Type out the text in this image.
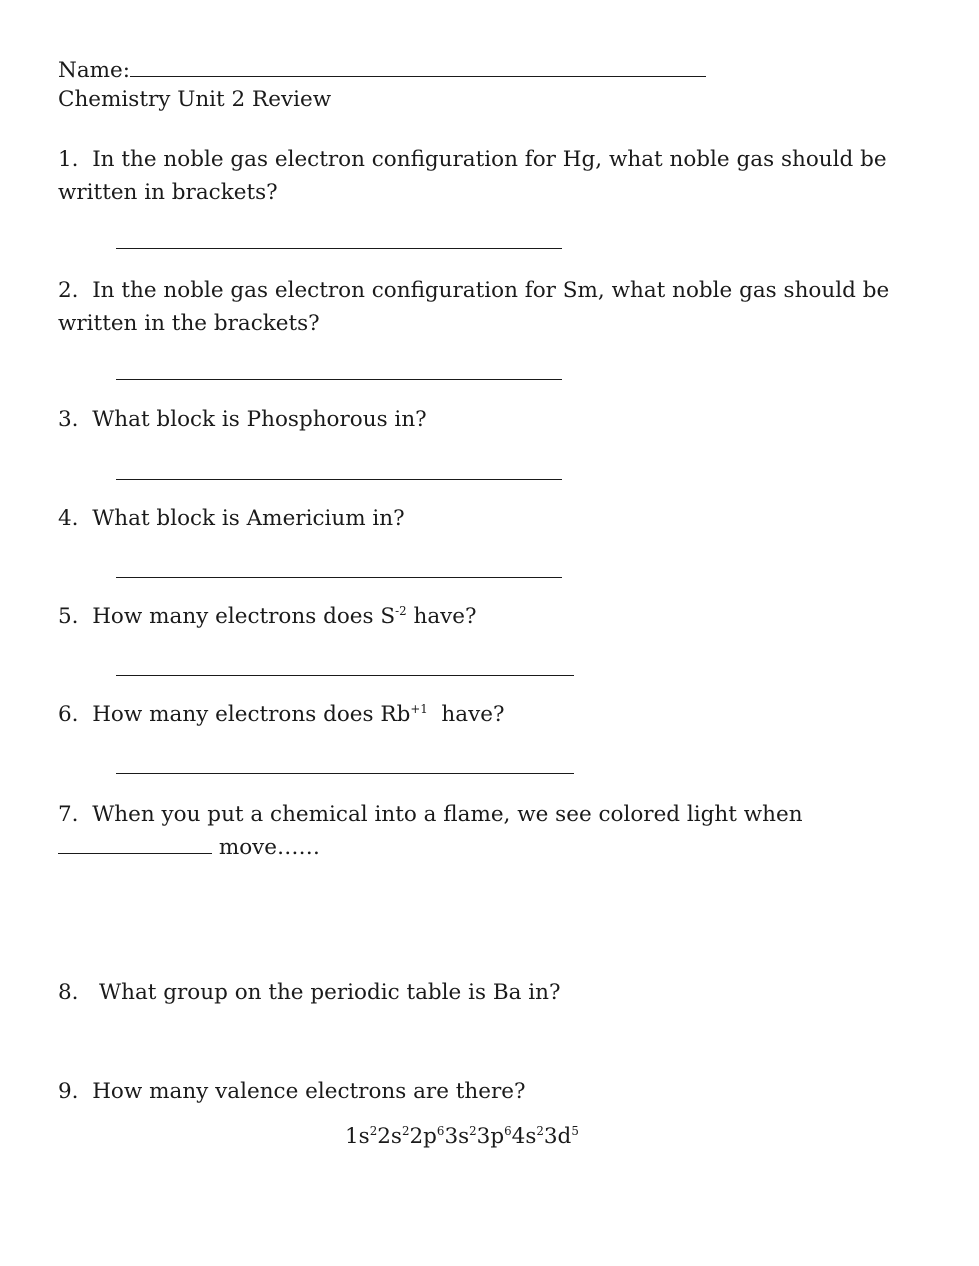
Name:
Chemistry Unit 2 Review
1. In the noble gas electron configuration for Hg, what noble gas should be written in brackets?
2. In the noble gas electron configuration for Sm, what noble gas should be written in the brackets?
3. What block is Phosphorous in?
4. What block is Americium in?
5. How many electrons does $S^{-2}$ have?
6. How many electrons does $Rb^{+1}$  have?
7. When you put a chemical into a flame, we see colored light when  move……
8.   What group on the periodic table is Ba in?
9. How many valence electrons are there?
$1s^22s^22p^63s^23p^64s^23d^5$
